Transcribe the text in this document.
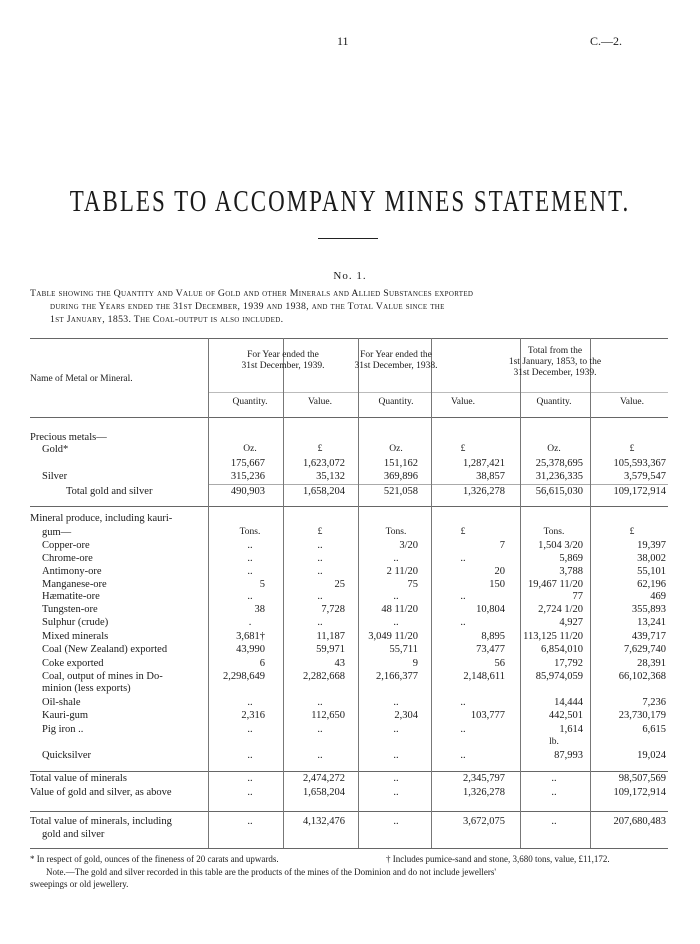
11	C.—2.
TABLES TO ACCOMPANY MINES STATEMENT.
No. 1.
Table showing the Quantity and Value of Gold and other Minerals and Allied Substances exported
during the Years ended the 31st December, 1939 and 1938, and the Total Value since the
1st January, 1853. The Coal-output is also included.
Name of Metal or Mineral.
For Year ended the
31st December, 1939.
For Year ended the
31st December, 1938.
Total from the
1st January, 1853, to the
31st December, 1939.
Quantity.	Value.	Quantity.	Value.	Quantity.	Value.
Precious metals—
Gold*	Oz.	£	Oz.	£	Oz.	£
175,667	1,623,072	151,162	1,287,421	25,378,695	105,593,367
Silver	315,236	35,132	369,896	38,857	31,236,335	3,579,547
Total gold and silver	490,903	1,658,204	521,058	1,326,278	56,615,030	109,172,914
Mineral produce, including kauri-
gum—	Tons.	£	Tons.	£	Tons.	£
Copper-ore	..	..	3/20	7	1,504 3/20	19,397
Chrome-ore	..	..	..	..	5,869	38,002
Antimony-ore	..	..	2 11/20	20	3,788	55,101
Manganese-ore	5	25	75	150	19,467 11/20	62,196
Hæmatite-ore	..	..	..	..	77	469
Tungsten-ore	38	7,728	48 11/20	10,804	2,724 1/20	355,893
Sulphur (crude)	.	..	..	..	4,927	13,241
Mixed minerals	3,681†	11,187	3,049 11/20	8,895	113,125 11/20	439,717
Coal (New Zealand) exported	43,990	59,971	55,711	73,477	6,854,010	7,629,740
Coke exported	6	43	9	56	17,792	28,391
Coal, output of mines in Do-	2,298,649	2,282,668	2,166,377	2,148,611	85,974,059	66,102,368
minion (less exports)
Oil-shale	..	..	..	..	14,444	7,236
Kauri-gum	2,316	112,650	2,304	103,777	442,501	23,730,179
Pig iron ..	..	..	..	..	1,614	6,615
lb.
Quicksilver	..	..	..	..	87,993	19,024
Total value of minerals	..	2,474,272	..	2,345,797	..	98,507,569
Value of gold and silver, as above	..	1,658,204	..	1,326,278	..	109,172,914
Total value of minerals, including	..	4,132,476	..	3,672,075	..	207,680,483
gold and silver
* In respect of gold, ounces of the fineness of 20 carats and upwards.	† Includes pumice-sand and stone, 3,680 tons, value, £11,172.
Note.—The gold and silver recorded in this table are the products of the mines of the Dominion and do not include jewellers'
sweepings or old jewellery.
